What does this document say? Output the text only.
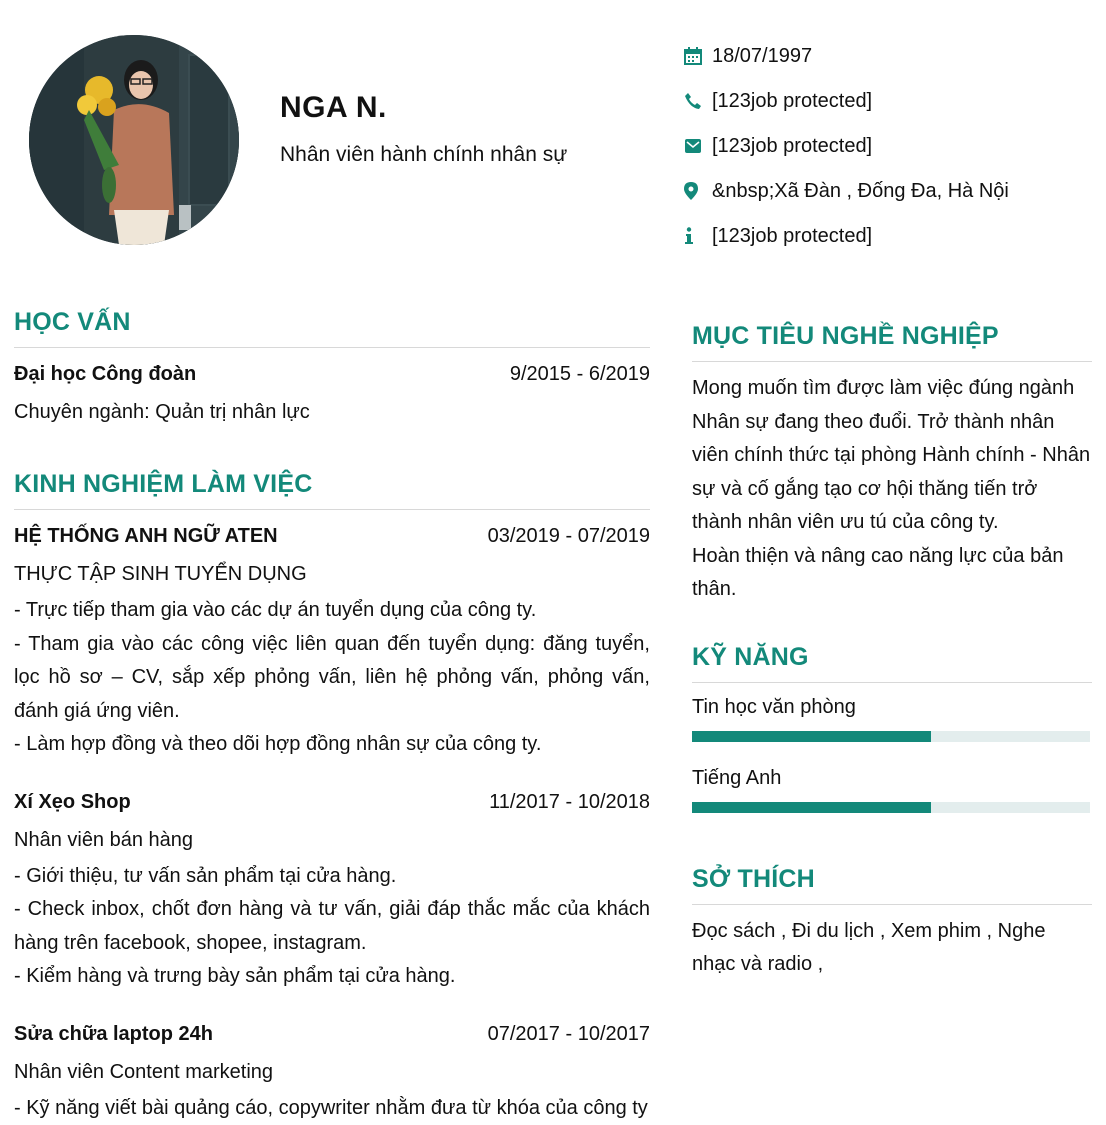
NGA N.

Nhân viên hành chính nhân sự

18/07/1997
[123job protected]
[123job protected]
&nbsp;Xã Đàn , Đống Đa, Hà Nội
[123job protected]
HỌC VẤN
Đại học Công đoàn	9/2015 - 6/2019
Chuyên ngành: Quản trị nhân lực
KINH NGHIỆM LÀM VIỆC
HỆ THỐNG ANH NGỮ ATEN	03/2019 - 07/2019
THỰC TẬP SINH TUYỂN DỤNG

- Trực tiếp tham gia vào các dự án tuyển dụng của công ty.

- Tham gia vào các công việc liên quan đến tuyển dụng: đăng tuyển, lọc hồ sơ – CV, sắp xếp phỏng vấn, liên hệ phỏng vấn, phỏng vấn, đánh giá ứng viên.

- Làm hợp đồng và theo dõi hợp đồng nhân sự của công ty.

Xí Xẹo Shop	11/2017 - 10/2018
Nhân viên bán hàng

- Giới thiệu, tư vấn sản phẩm tại cửa hàng.

- Check inbox, chốt đơn hàng và tư vấn, giải đáp thắc mắc của khách hàng trên facebook, shopee, instagram.

- Kiểm hàng và trưng bày sản phẩm tại cửa hàng.

Sửa chữa laptop 24h	07/2017 - 10/2017
Nhân viên Content marketing

- Kỹ năng viết bài quảng cáo, copywriter nhằm đưa từ khóa của công ty

MỤC TIÊU NGHỀ NGHIỆP

Mong muốn tìm được làm việc đúng ngành Nhân sự đang theo đuổi. Trở thành nhân viên chính thức tại phòng Hành chính - Nhân sự và cố gắng tạo cơ hội thăng tiến trở thành nhân viên ưu tú của công ty.

Hoàn thiện và nâng cao năng lực của bản thân.

KỸ NĂNG
Tin học văn phòng
Tiếng Anh
SỞ THÍCH
Đọc sách , Đi du lịch , Xem phim , Nghe nhạc và radio ,
